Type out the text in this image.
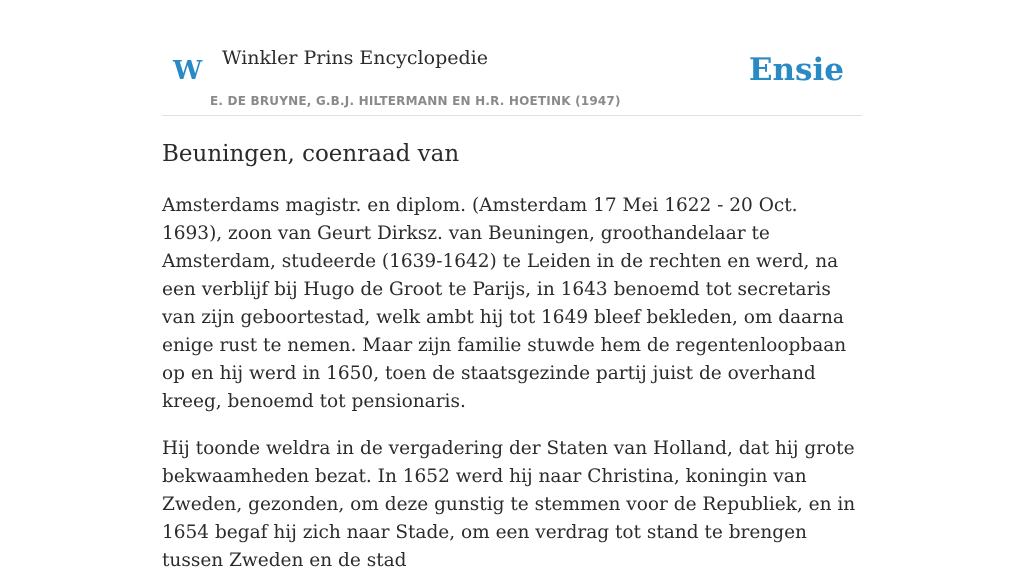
W Winkler Prins Encyclopedie
E. DE BRUYNE, G.B.J. HILTERMANN EN H.R. HOETINK (1947)
Ensie
Beuningen, coenraad van

Amsterdams magistr. en diplom. (Amsterdam 17 Mei 1622 - 20 Oct. 1693), zoon van Geurt Dirksz. van Beuningen, groothandelaar te Amsterdam, studeerde (1639-1642) te Leiden in de rechten en werd, na een verblijf bij Hugo de Groot te Parijs, in 1643 benoemd tot secretaris van zijn geboortestad, welk ambt hij tot 1649 bleef bekleden, om daarna enige rust te nemen. Maar zijn familie stuwde hem de regentenloopbaan op en hij werd in 1650, toen de staatsgezinde partij juist de overhand kreeg, benoemd tot pensionaris.

Hij toonde weldra in de vergadering der Staten van Holland, dat hij grote bekwaamheden bezat. In 1652 werd hij naar Christina, koningin van Zweden, gezonden, om deze gunstig te stemmen voor de Republiek, en in 1654 begaf hij zich naar Stade, om een verdrag tot stand te brengen tussen Zweden en de stad
